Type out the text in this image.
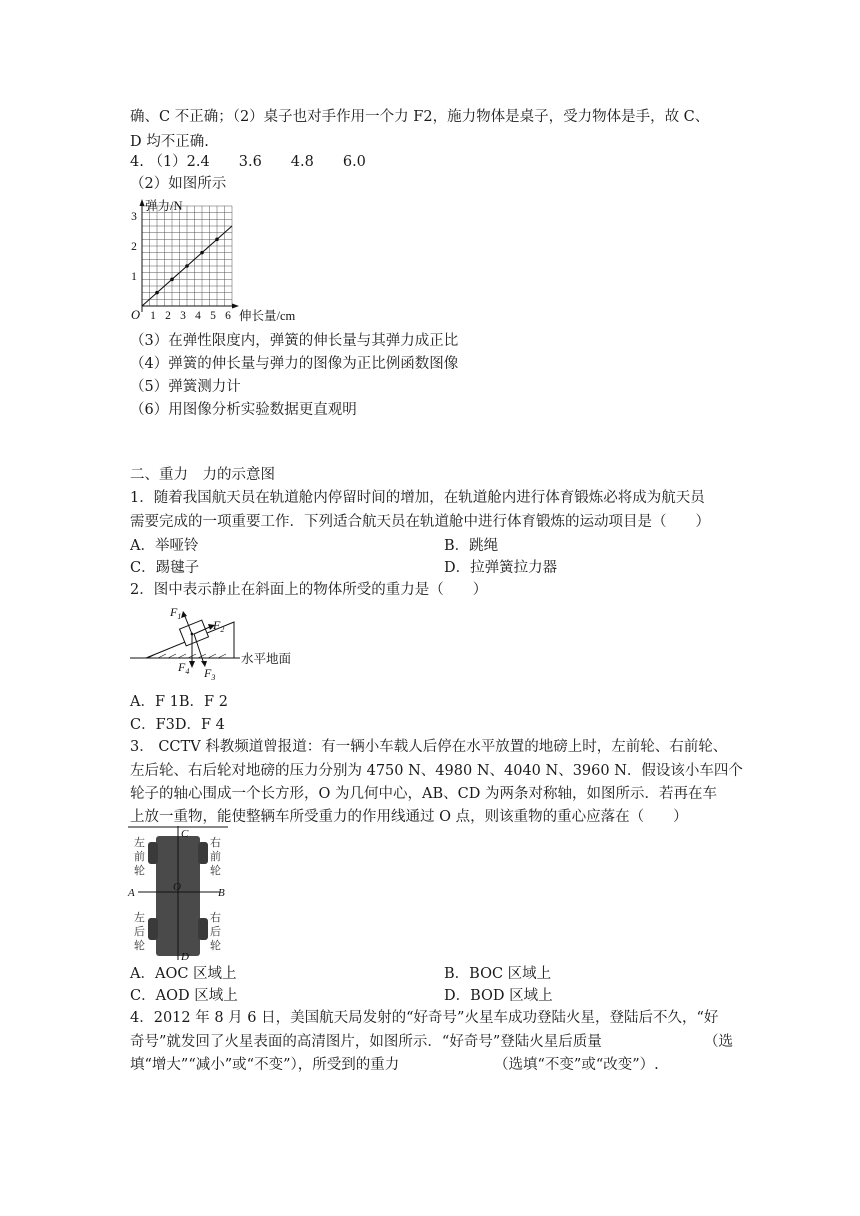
确、C 不正确；（2）桌子也对手作用一个力 F2，施力物体是桌子，受力物体是手，故 C、
D 均不正确.
4. （1）2.4　　3.6　　4.8　　6.0
（2）如图所示
弹力/N
伸长量/cm
O 1 2 3 4 5 6
1
2
3
（3）在弹性限度内，弹簧的伸长量与其弹力成正比
（4）弹簧的伸长量与弹力的图像为正比例函数图像
（5）弹簧测力计
（6）用图像分析实验数据更直观明
二、重力　力的示意图
1．随着我国航天员在轨道舱内停留时间的增加，在轨道舱内进行体育锻炼必将成为航天员
需要完成的一项重要工作．下列适合航天员在轨道舱中进行体育锻炼的运动项目是（　　）
A．举哑铃	B．跳绳
C．踢毽子	D．拉弹簧拉力器
2．图中表示静止在斜面上的物体所受的重力是（　　）
$F_1$
$F_2$
$F_3$
$F_4$
水平地面
A．F 1B．F 2
C．F3D．F 4
3． CCTV 科教频道曾报道：有一辆小车载人后停在水平放置的地磅上时，左前轮、右前轮、
左后轮、右后轮对地磅的压力分别为 4750 N、4980 N、4040 N、3960 N．假设该小车四个
轮子的轴心围成一个长方形，O 为几何中心，AB、CD 为两条对称轴，如图所示．若再在车
上放一重物，能使整辆车所受重力的作用线通过 O 点，则该重物的重心应落在（　　）
C
D
A	B
O
左
前
轮
右
前
轮
左
后
轮
右
后
轮
A．AOC 区域上	B．BOC 区域上
C．AOD 区域上	D．BOD 区域上
4．2012 年 8 月 6 日，美国航天局发射的“好奇号”火星车成功登陆火星，登陆后不久，“好
奇号”就发回了火星表面的高清图片，如图所示．“好奇号”登陆火星后质量	（选
填“增大”“减小”或“不变”），所受到的重力	（选填“不变”或“改变”）.
